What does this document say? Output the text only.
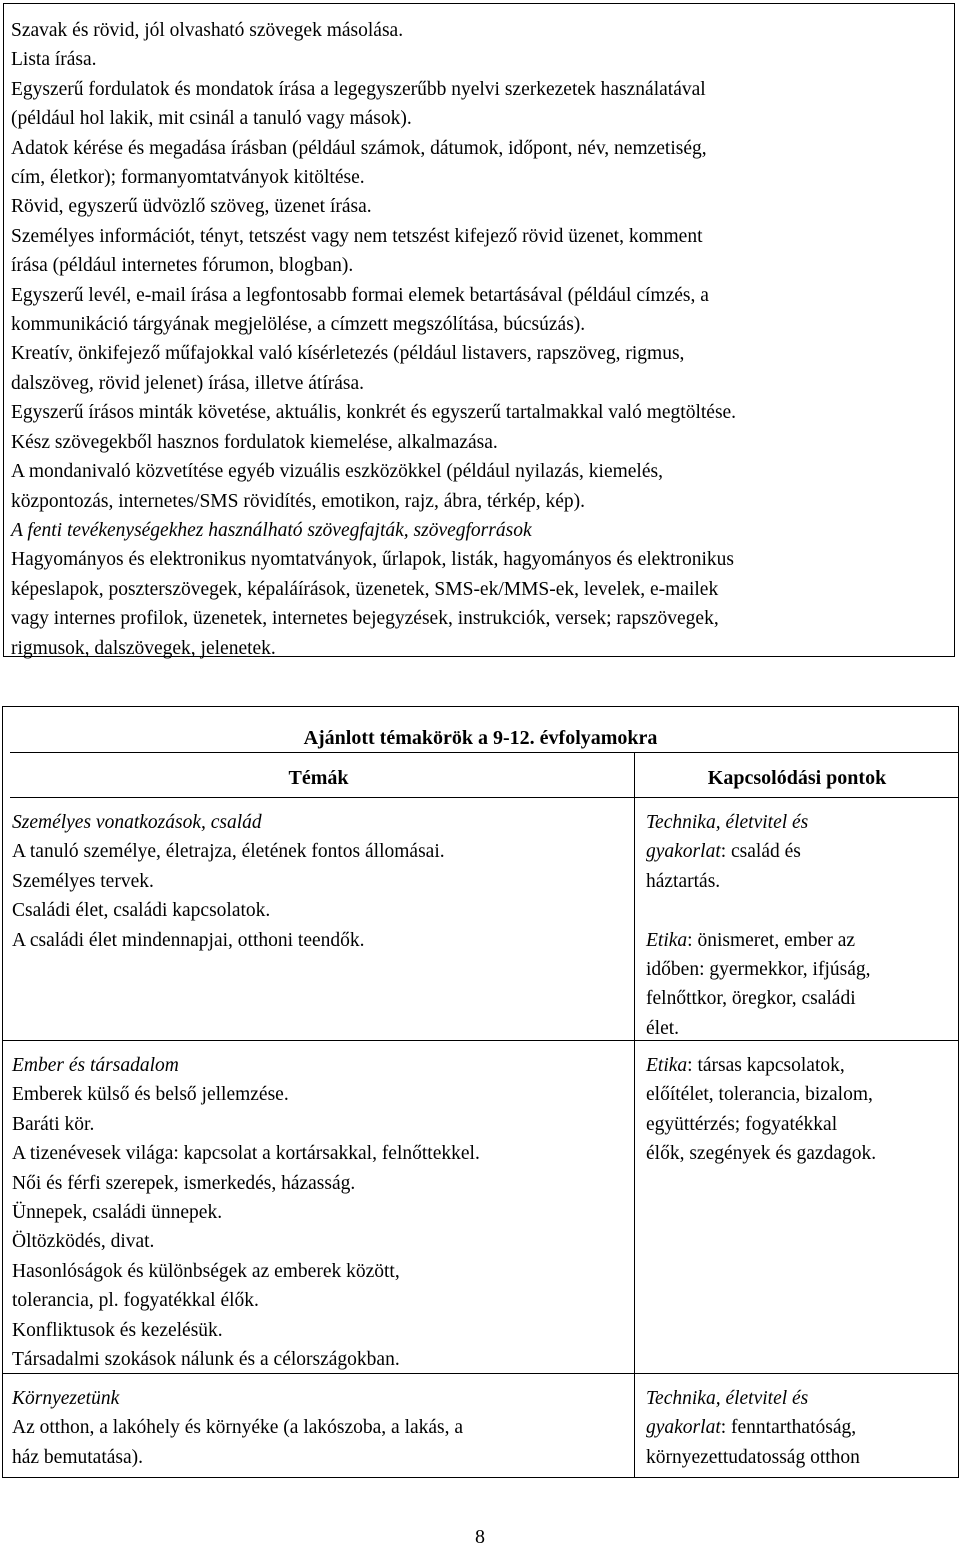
Szavak és rövid, jól olvasható szövegek másolása.
Lista írása.
Egyszerű fordulatok és mondatok írása a legegyszerűbb nyelvi szerkezetek használatával
(például hol lakik, mit csinál a tanuló vagy mások).
Adatok kérése és megadása írásban (például számok, dátumok, időpont, név, nemzetiség,
cím, életkor); formanyomtatványok kitöltése.
Rövid, egyszerű üdvözlő szöveg, üzenet írása.
Személyes információt, tényt, tetszést vagy nem tetszést kifejező rövid üzenet, komment
írása (például internetes fórumon, blogban).
Egyszerű levél, e-mail írása a legfontosabb formai elemek betartásával (például címzés, a
kommunikáció tárgyának megjelölése, a címzett megszólítása, búcsúzás).
Kreatív, önkifejező műfajokkal való kísérletezés (például listavers, rapszöveg, rigmus,
dalszöveg, rövid jelenet) írása, illetve átírása.
Egyszerű írásos minták követése, aktuális, konkrét és egyszerű tartalmakkal való megtöltése.
Kész szövegekből hasznos fordulatok kiemelése, alkalmazása.
A mondanivaló közvetítése egyéb vizuális eszközökkel (például nyilazás, kiemelés,
központozás, internetes/SMS rövidítés, emotikon, rajz, ábra, térkép, kép).
A fenti tevékenységekhez használható szövegfajták, szövegforrások
Hagyományos és elektronikus nyomtatványok, űrlapok, listák, hagyományos és elektronikus
képeslapok, poszterszövegek, képaláírások, üzenetek, SMS-ek/MMS-ek, levelek, e-mailek
vagy internes profilok, üzenetek, internetes bejegyzések, instrukciók, versek; rapszövegek,
rigmusok, dalszövegek, jelenetek.
Ajánlott témakörök a 9-12. évfolyamokra
Témák	Kapcsolódási pontok
Személyes vonatkozások, család
A tanuló személye, életrajza, életének fontos állomásai.
Személyes tervek.
Családi élet, családi kapcsolatok.
A családi élet mindennapjai, otthoni teendők.
Technika, életvitel és
gyakorlat: család és
háztartás.
Etika: önismeret, ember az
időben: gyermekkor, ifjúság,
felnőttkor, öregkor, családi
élet.
Ember és társadalom
Emberek külső és belső jellemzése.
Baráti kör.
A tizenévesek világa: kapcsolat a kortársakkal, felnőttekkel.
Női és férfi szerepek, ismerkedés, házasság.
Ünnepek, családi ünnepek.
Öltözködés, divat.
Hasonlóságok és különbségek az emberek között,
tolerancia, pl. fogyatékkal élők.
Konfliktusok és kezelésük.
Társadalmi szokások nálunk és a célországokban.
Etika: társas kapcsolatok,
előítélet, tolerancia, bizalom,
együttérzés; fogyatékkal
élők, szegények és gazdagok.
Környezetünk
Az otthon, a lakóhely és környéke (a lakószoba, a lakás, a
ház bemutatása).
Technika, életvitel és
gyakorlat: fenntarthatóság,
környezettudatosság otthon
8
